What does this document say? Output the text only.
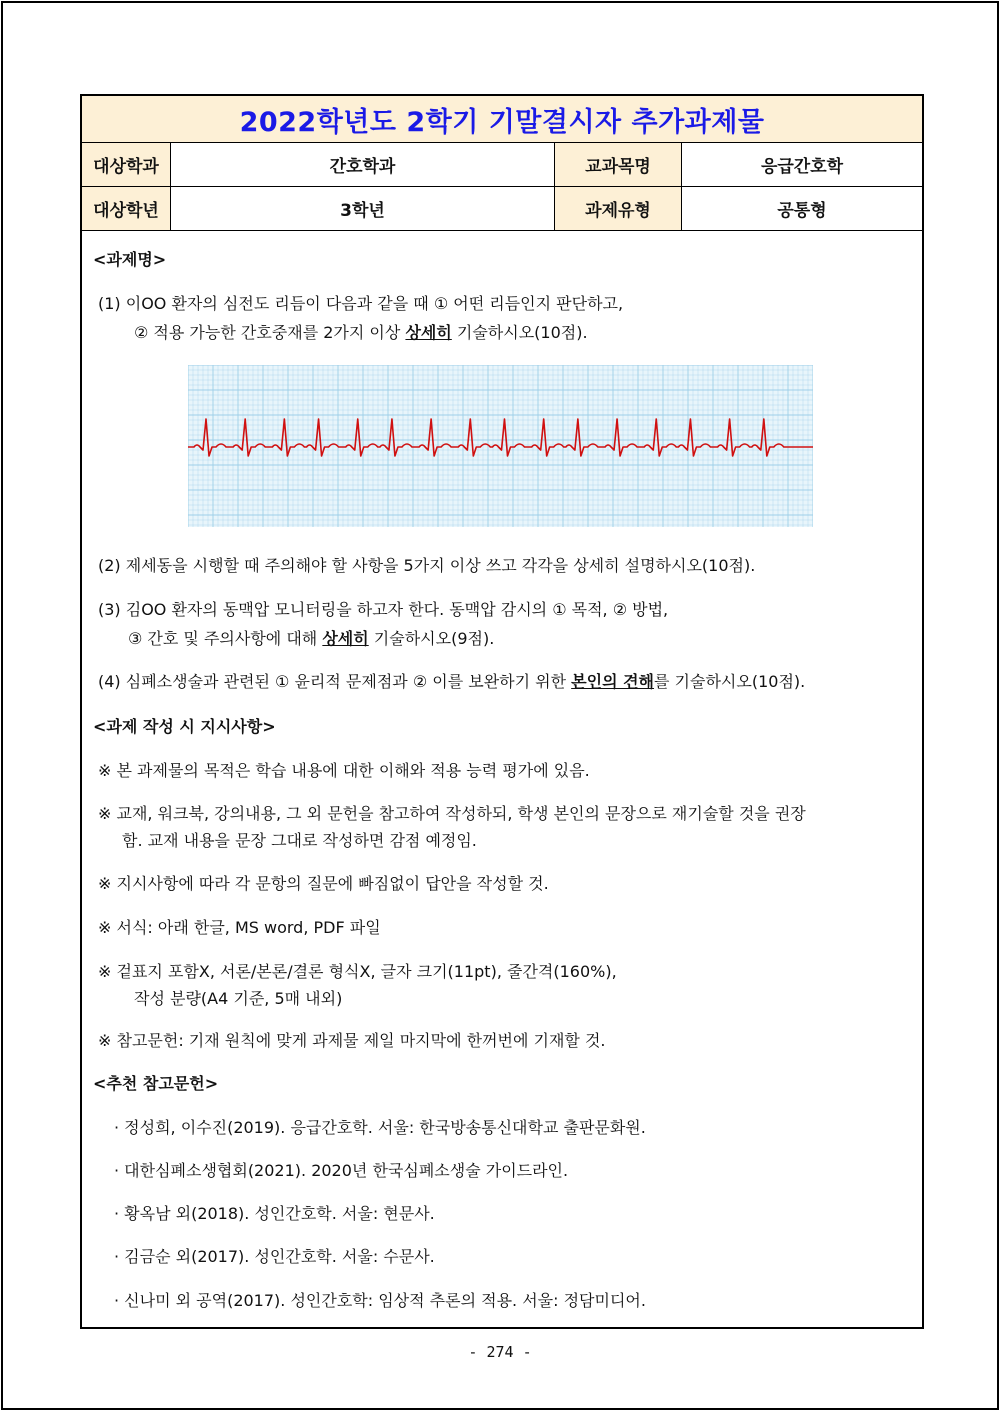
2022학년도 2학기 기말결시자 추가과제물
대상학과	간호학과	교과목명	응급간호학
대상학년	3학년	과제유형	공통형
<과제명>
(1) 이OO 환자의 심전도 리듬이 다음과 같을 때 ① 어떤 리듬인지 판단하고,
② 적용 가능한 간호중재를 2가지 이상 상세히 기술하시오(10점).
(2) 제세동을 시행할 때 주의해야 할 사항을 5가지 이상 쓰고 각각을 상세히 설명하시오(10점).
(3) 김OO 환자의 동맥압 모니터링을 하고자 한다. 동맥압 감시의 ① 목적, ② 방법,
③ 간호 및 주의사항에 대해 상세히 기술하시오(9점).
(4) 심폐소생술과 관련된 ① 윤리적 문제점과 ② 이를 보완하기 위한 본인의 견해를 기술하시오(10점).
<과제 작성 시 지시사항>
※ 본 과제물의 목적은 학습 내용에 대한 이해와 적용 능력 평가에 있음.
※ 교재, 워크북, 강의내용, 그 외 문헌을 참고하여 작성하되, 학생 본인의 문장으로 재기술할 것을 권장
함. 교재 내용을 문장 그대로 작성하면 감점 예정임.
※ 지시사항에 따라 각 문항의 질문에 빠짐없이 답안을 작성할 것.
※ 서식: 아래 한글, MS word, PDF 파일
※ 겉표지 포함X, 서론/본론/결론 형식X, 글자 크기(11pt), 줄간격(160%),
작성 분량(A4 기준, 5매 내외)
※ 참고문헌: 기재 원칙에 맞게 과제물 제일 마지막에 한꺼번에 기재할 것.
<추천 참고문헌>
· 정성희, 이수진(2019). 응급간호학. 서울: 한국방송통신대학교 출판문화원.
· 대한심폐소생협회(2021). 2020년 한국심폐소생술 가이드라인.
· 황옥남 외(2018). 성인간호학. 서울: 현문사.
· 김금순 외(2017). 성인간호학. 서울: 수문사.
· 신나미 외 공역(2017). 성인간호학: 임상적 추론의 적용. 서울: 정담미디어.
- 274 -
